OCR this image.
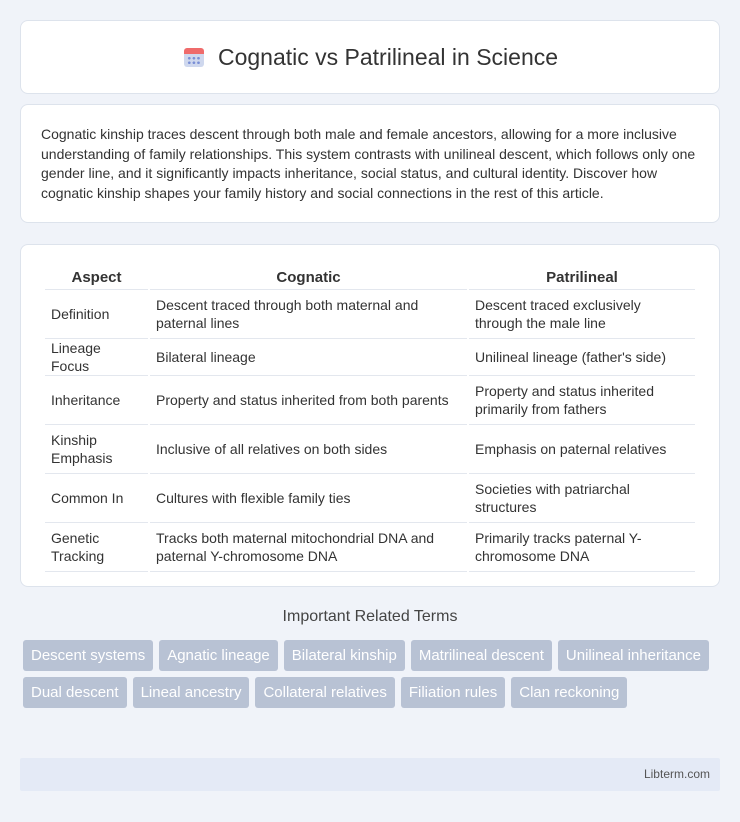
Cognatic vs Patrilineal in Science

Cognatic kinship traces descent through both male and female ancestors, allowing for a more inclusive understanding of family relationships. This system contrasts with unilineal descent, which follows only one gender line, and it significantly impacts inheritance, social status, and cultural identity. Discover how cognatic kinship shapes your family history and social connections in the rest of this article.

Aspect	Cognatic	Patrilineal
Definition	Descent traced through both maternal and paternal lines	Descent traced exclusively through the male line
Lineage Focus	Bilateral lineage	Unilineal lineage (father's side)
Inheritance	Property and status inherited from both parents	Property and status inherited primarily from fathers
Kinship Emphasis	Inclusive of all relatives on both sides	Emphasis on paternal relatives
Common In	Cultures with flexible family ties	Societies with patriarchal structures
Genetic Tracking	Tracks both maternal mitochondrial DNA and paternal Y-chromosome DNA	Primarily tracks paternal Y-chromosome DNA
Important Related Terms
Descent systems	Agnatic lineage	Bilateral kinship	Matrilineal descent	Unilineal inheritance
Dual descent	Lineal ancestry	Collateral relatives	Filiation rules	Clan reckoning
Libterm.com
